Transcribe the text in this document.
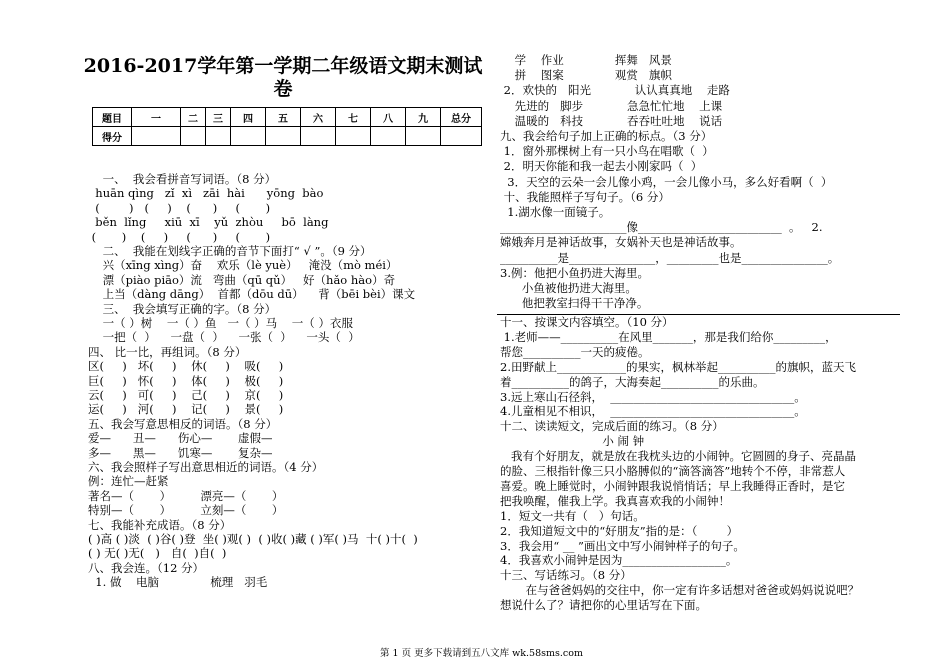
2016-2017学年第一学期二年级语文期末测试卷
题目	一	二	三	四	五	六	七	八	九	总分
得分										
一、  我会看拼音写词语。（8 分）
huān qìng   zǐ  xì   zāi  hài      yōng  bào
(        )   (     )    (      )     (       )
běn  lǐng     xiū  xī    yǔ  zhòu     bō  làng
(       )    (     )     (      )     (       )
二、  我能在划线字正确的音节下面打“ √ ”。（9 分）
兴（xīng xìng）奋    欢乐（lè yuè）   淹没（mò méi）
漂（piào piāo）流   弯曲（qū qǔ）   好（hǎo hào）奇
上当（dàng dāng）  首都（dōu dū）    背（bēi bèi）课文
三、  我会填写正确的字。（8 分）
一（ ）树    一（ ）鱼   一（ ）马    一（ ）衣服
一把（  ）    一盘（  ）    一张（  ）    一头（  ）
四、 比一比，再组词。（8 分）
区(     )   坏(     )    休(     )    吸(     )
巨(     )   怀(     )    体(     )    极(     )
云(     )   可(     )    己(     )    京(     )
运(     )   河(     )    记(     )    景(     )
五、我会写意思相反的词语。（8 分）
爱—      丑—      伤心—       虚假—
多—      黑—      饥寒—       复杂—
六、我会照样子写出意思相近的词语。（4 分）
例：连忙—赶紧
著名—（       ）        漂亮—（       ）
特别—（       ）        立刻—（       ）
七、我能补充成语。（8 分）
( )高 ( )淡  ( )谷( )登  坐( )观( )  ( )收( )藏 ( )军( )马  十( )十(  )
( ) 无( )无(   )   自(  )自(  )
八、我会连。（12 分）
1. 做    电脑              梳理   羽毛
学    作业              挥舞   风景
拼    图案              观赏   旗帜
2．欢快的   阳光            认认真真地    走路
先进的   脚步            急急忙忙地    上课
温暖的   科技            吞吞吐吐地    说话
九、我会给句子加上正确的标点。（3 分）
1．窗外那棵树上有一只小鸟在唱歌（  ）
2．明天你能和我一起去小刚家吗（  ）
3．天空的云朵一会儿像小鸡，一会儿像小马，多么好看啊（  ）
十、我能照样子写句子。（6 分）
1.湖水像一面镜子。
______________________像_________________________  。   2.
嫦娥奔月是神话故事，女娲补天也是神话故事。
__________是_______________，_________也是_______________。
3.例：他把小鱼扔进大海里。
小鱼被他扔进大海里。
他把教室扫得干干净净。
十一、按课文内容填空。（10 分）
1.老师——__________在风里_______，那是我们给你_________，
帮您__________一天的疲倦。
2.田野献上____________的果实，枫林举起__________的旗帜，蓝天飞
着__________的鸽子，大海奏起__________的乐曲。
3.远上寒山石径斜，  ________________________________。
4.儿童相见不相识，  ________________________________。
十二、读读短文，完成后面的练习。（8 分）
小 闹 钟
我有个好朋友，就是放在我枕头边的小闹钟。它圆圆的身子、亮晶晶
的脸、三根指针像三只小胳膊似的“滴答滴答”地转个不停，非常惹人
喜爱。晚上睡觉时，小闹钟跟我说悄悄话；早上我睡得正香时，是它
把我唤醒，催我上学。我真喜欢我的小闹钟！
1．短文一共有（   ）句话。
2．我知道短文中的“好朋友”指的是：（        ）
3．我会用“ __ ”画出文中写小闹钟样子的句子。
4．我喜欢小闹钟是因为__________________。
十三、写话练习。（8 分）
在与爸爸妈妈的交往中，你一定有许多话想对爸爸或妈妈说说吧？
想说什么了？请把你的心里话写在下面。
第 1 页 更多下载请到五八文库 wk.58sms.com
